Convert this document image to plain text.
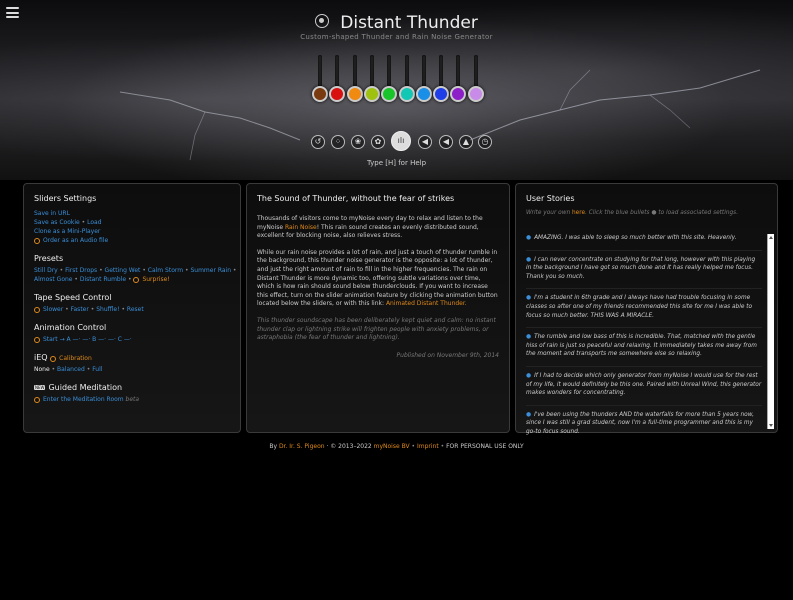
Distant Thunder
Custom-shaped Thunder and Rain Noise Generator
↺	⁘	❀	✿	ılı	◀	◀	▲	◷
Type [H] for Help
Sliders Settings
Save in URL
Save as Cookie • Load
Clone as a Mini-Player
Order as an Audio file
Presets
Still Dry • First Drops • Getting Wet • Calm Storm • Summer Rain • Almost Gone • Distant Rumble • Surprise!
Tape Speed Control
Slower • Faster • Shuffle! • Reset
Animation Control
Start → A —· —· B —· —· C —·
iEQ Calibration
None • Balanced • Full
NEW Guided Meditation
Enter the Meditation Room beta
The Sound of Thunder, without the fear of strikes

Thousands of visitors come to myNoise every day to relax and listen to the myNoise Rain Noise! This rain sound creates an evenly distributed sound, excellent for blocking noise, also relieves stress.

While our rain noise provides a lot of rain, and just a touch of thunder rumble in the background, this thunder noise generator is the opposite: a lot of thunder, and just the right amount of rain to fill in the higher frequencies. The rain on Distant Thunder is more dynamic too, offering subtle variations over time, which is how rain should sound below thunderclouds. If you want to increase this effect, turn on the slider animation feature by clicking the animation button located below the sliders, or with this link: Animated Distant Thunder.

This thunder soundscape has been deliberately kept quiet and calm: no instant thunder clap or lightning strike will frighten people with anxiety problems, or astraphobia (the fear of thunder and lightning).

Published on November 9th, 2014
User Stories
Write your own here. Click the blue bullets ● to load associated settings.
● AMAZING. I was able to sleep so much better with this site. Heavenly.
● I can never concentrate on studying for that long, however with this playing in the background I have got so much done and it has really helped me focus. Thank you so much.
● I'm a student in 6th grade and I always have had trouble focusing in some classes so after one of my friends recommended this site for me I was able to focus so much better. THIS WAS A MIRACLE.
● The rumble and low bass of this is incredible. That, matched with the gentle hiss of rain is just so peaceful and relaxing. It immediately takes me away from the moment and transports me somewhere else so relaxing.
● If I had to decide which only generator from myNoise I would use for the rest of my life, it would definitely be this one. Paired with Unreal Wind, this generator makes wonders for concentrating.
● I've been using the thunders AND the waterfalls for more than 5 years now, since I was still a grad student, now I'm a full-time programmer and this is my go-to focus sound.
By Dr. Ir. S. Pigeon · © 2013–2022 myNoise BV • Imprint • FOR PERSONAL USE ONLY
